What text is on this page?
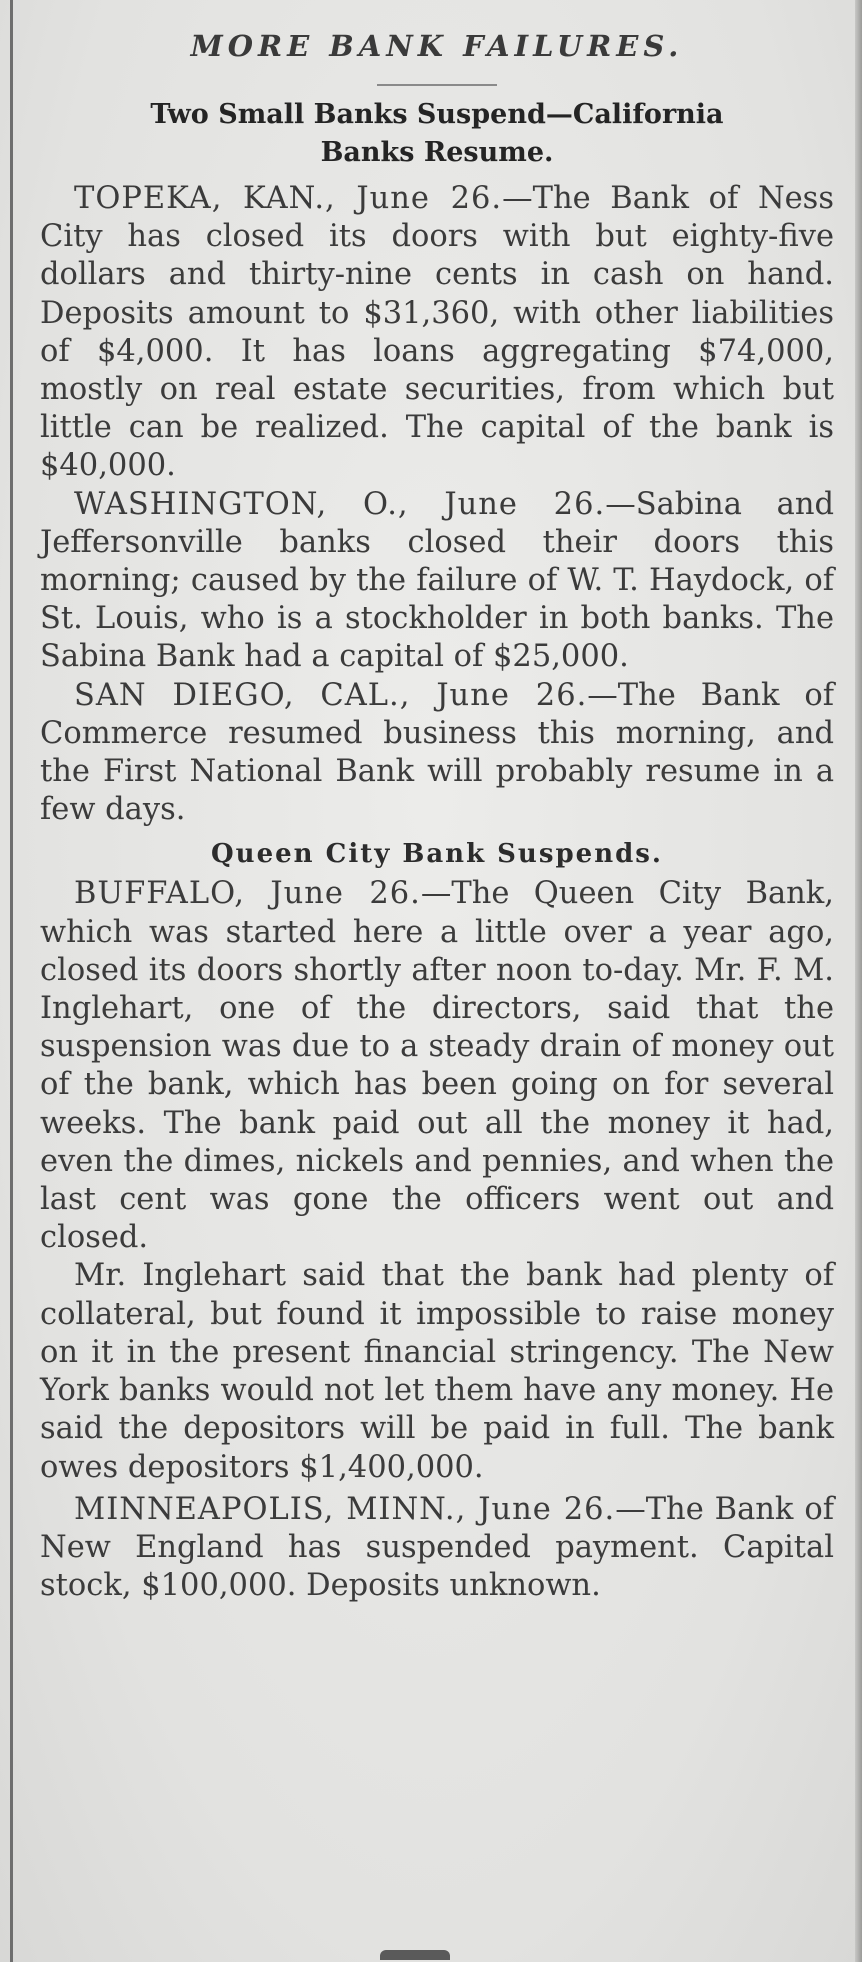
MORE BANK FAILURES.
Two Small Banks Suspend—California
Banks Resume.

TOPEKA, KAN., June 26.—The Bank of Ness City has closed its doors with but eighty-five dollars and thirty-nine cents in cash on hand. Deposits amount to $31,360, with other liabilities of $4,000. It has loans aggregating $74,000, mostly on real estate securities, from which but little can be realized. The capital of the bank is $40,000.

WASHINGTON, O., June 26.—Sabina and Jeffersonville banks closed their doors this morning; caused by the failure of W. T. Haydock, of St. Louis, who is a stockholder in both banks. The Sabina Bank had a capital of $25,000.

SAN DIEGO, CAL., June 26.—The Bank of Commerce resumed business this morning, and the First National Bank will probably resume in a few days.

Queen City Bank Suspends.

BUFFALO, June 26.—The Queen City Bank, which was started here a little over a year ago, closed its doors shortly after noon to-day. Mr. F. M. Inglehart, one of the directors, said that the suspension was due to a steady drain of money out of the bank, which has been going on for several weeks. The bank paid out all the money it had, even the dimes, nickels and pennies, and when the last cent was gone the officers went out and closed.

Mr. Inglehart said that the bank had plenty of collateral, but found it impossible to raise money on it in the present financial stringency. The New York banks would not let them have any money. He said the depositors will be paid in full. The bank owes depositors $1,400,000.

MINNEAPOLIS, MINN., June 26.—The Bank of New England has suspended payment. Capital stock, $100,000. Deposits unknown.
